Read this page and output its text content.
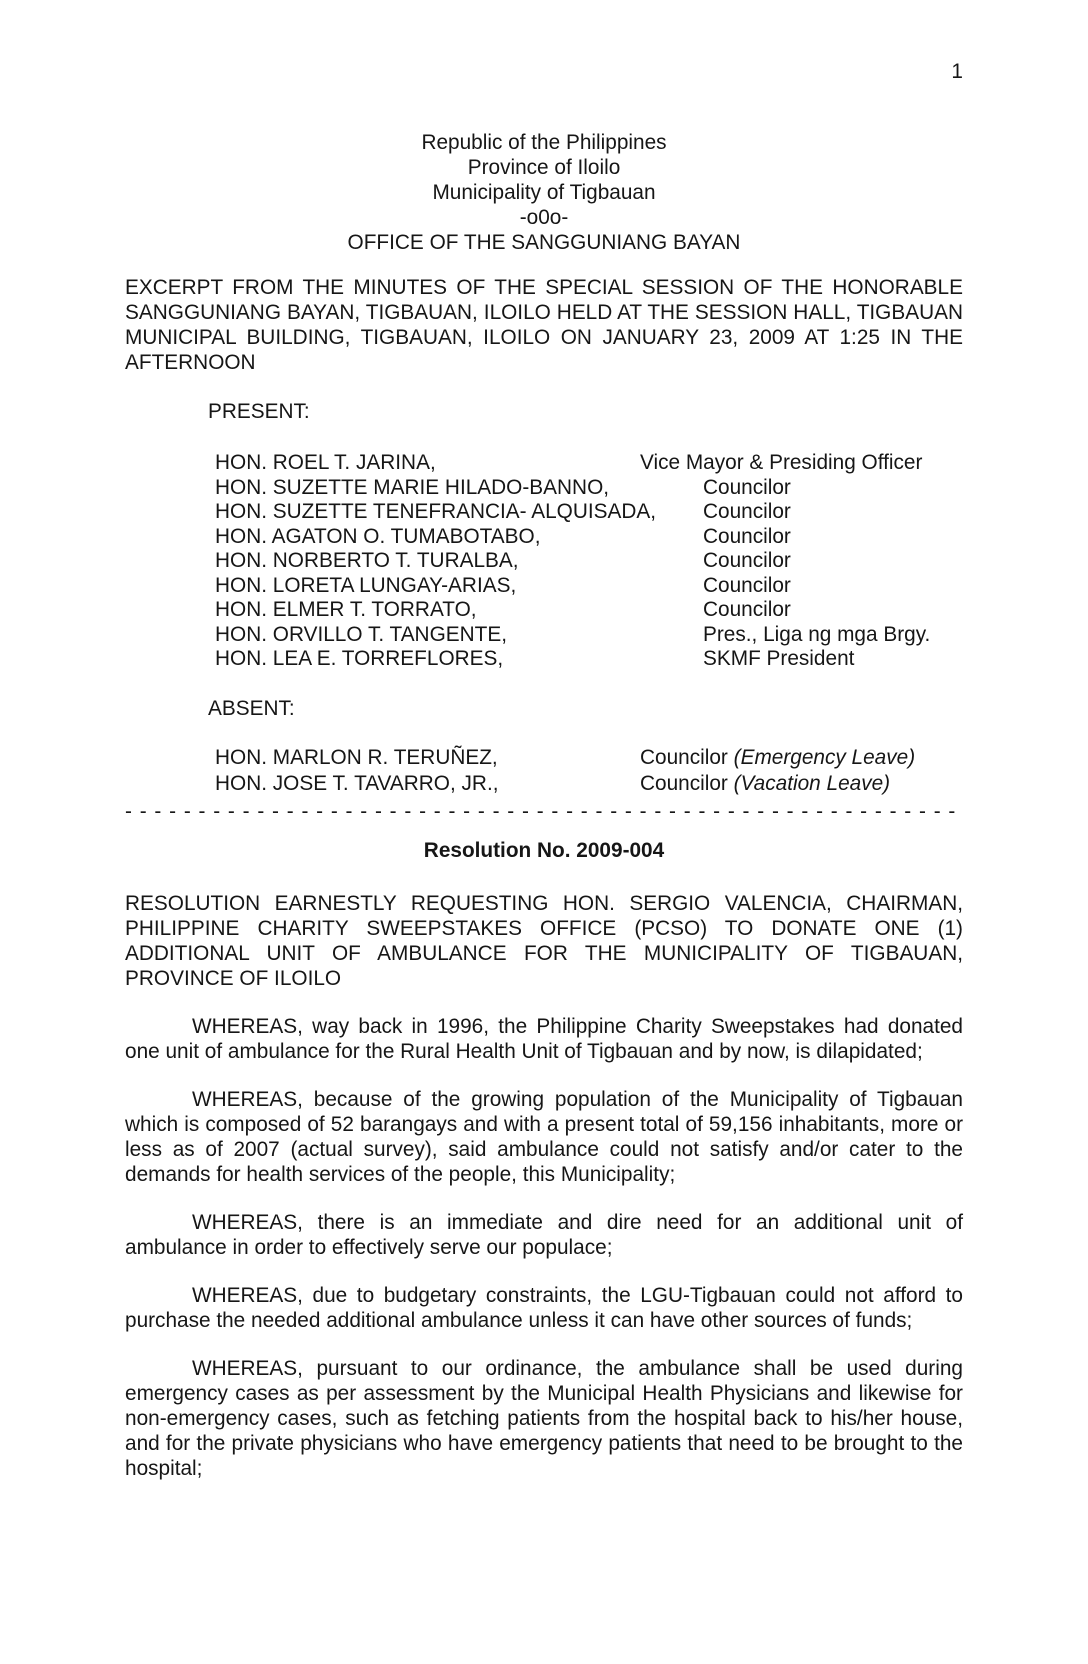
1
Republic of the Philippines
Province of Iloilo
Municipality of Tigbauan
-o0o-
OFFICE OF THE SANGGUNIANG BAYAN

EXCERPT FROM THE MINUTES OF THE SPECIAL SESSION OF THE HONORABLE SANGGUNIANG BAYAN, TIGBAUAN, ILOILO HELD AT THE SESSION HALL, TIGBAUAN MUNICIPAL BUILDING, TIGBAUAN, ILOILO ON JANUARY 23, 2009 AT 1:25 IN THE AFTERNOON

PRESENT:
HON. ROEL T. JARINA,	Vice Mayor & Presiding Officer
HON. SUZETTE MARIE HILADO-BANNO,	Councilor
HON. SUZETTE TENEFRANCIA- ALQUISADA, Councilor
HON. AGATON O. TUMABOTABO,	Councilor
HON. NORBERTO T. TURALBA,	Councilor
HON. LORETA LUNGAY-ARIAS,	Councilor
HON. ELMER T. TORRATO,	Councilor
HON. ORVILLO T. TANGENTE,	Pres., Liga ng mga Brgy.
HON. LEA E. TORREFLORES,	SKMF President
ABSENT:
HON. MARLON R. TERUÑEZ,	Councilor (Emergency Leave)
HON. JOSE T. TAVARRO, JR.,	Councilor (Vacation Leave)
- - - - - - - - - - - - - - - - - - - - - - - - - - - - - - - - - - - - - - - - - - - - - - - - - - - - - - - - -
Resolution No. 2009-004

RESOLUTION EARNESTLY REQUESTING HON. SERGIO VALENCIA, CHAIRMAN, PHILIPPINE CHARITY SWEEPSTAKES OFFICE (PCSO) TO DONATE ONE (1) ADDITIONAL UNIT OF AMBULANCE FOR THE MUNICIPALITY OF TIGBAUAN, PROVINCE OF ILOILO

WHEREAS, way back in 1996, the Philippine Charity Sweepstakes had donated one unit of ambulance for the Rural Health Unit of Tigbauan and by now, is dilapidated;

WHEREAS, because of the growing population of the Municipality of Tigbauan which is composed of 52 barangays and with a present total of 59,156 inhabitants, more or less as of 2007 (actual survey), said ambulance could not satisfy and/or cater to the demands for health services of the people, this Municipality;

WHEREAS, there is an immediate and dire need for an additional unit of ambulance in order to effectively serve our populace;

WHEREAS, due to budgetary constraints, the LGU-Tigbauan could not afford to purchase the needed additional ambulance unless it can have other sources of funds;

WHEREAS, pursuant to our ordinance, the ambulance shall be used during emergency cases as per assessment by the Municipal Health Physicians and likewise for non-emergency cases, such as fetching patients from the hospital back to his/her house, and for the private physicians who have emergency patients that need to be brought to the hospital;
